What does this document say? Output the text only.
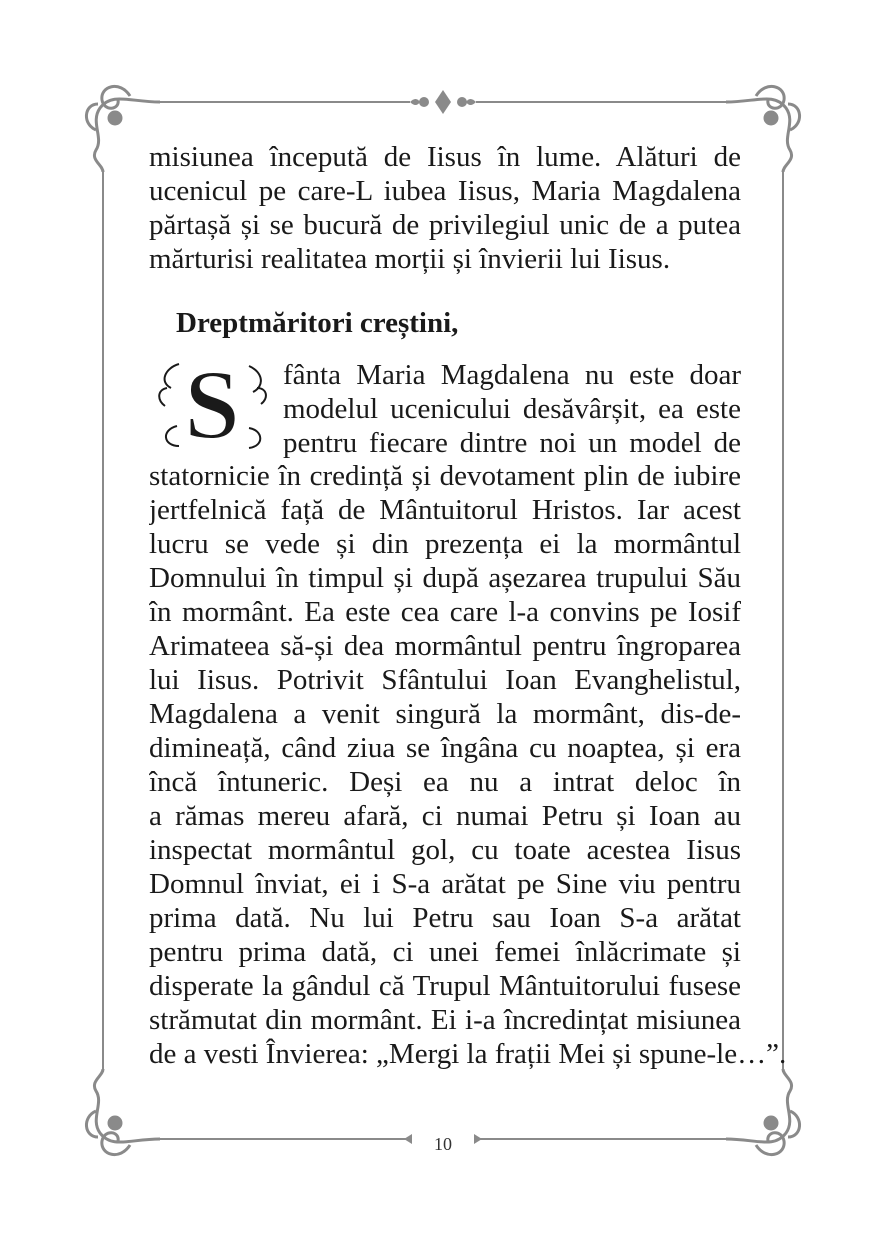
misiunea începută de Iisus în lume. Alături de
ucenicul pe care-L iubea Iisus, Maria Magdalena
părtașă și se bucură de privilegiul unic de a putea
mărturisi realitatea morții și învierii lui Iisus.
Dreptmăritori creștini,
S fânta Maria Magdalena nu este doar
modelul ucenicului desăvârșit, ea este
pentru fiecare dintre noi un model de
statornicie în credință și devotament plin de iubire
jertfelnică față de Mântuitorul Hristos. Iar acest
lucru se vede și din prezența ei la mormântul
Domnului în timpul și după așezarea trupului Său
în mormânt. Ea este cea care l-a convins pe Iosif
Arimateea să-și dea mormântul pentru îngroparea
lui Iisus. Potrivit Sfântului Ioan Evanghelistul,
Magdalena a venit singură la mormânt, dis-de-
dimineață, când ziua se îngâna cu noaptea, și era
încă întuneric. Deși ea nu a intrat deloc în
a rămas mereu afară, ci numai Petru și Ioan au
inspectat mormântul gol, cu toate acestea Iisus
Domnul înviat, ei i S-a arătat pe Sine viu pentru
prima dată. Nu lui Petru sau Ioan S-a arătat
pentru prima dată, ci unei femei înlăcrimate și
disperate la gândul că Trupul Mântuitorului fusese
strămutat din mormânt. Ei i-a încredințat misiunea
de a vesti Învierea: „Mergi la frații Mei și spune-le…”.
10
